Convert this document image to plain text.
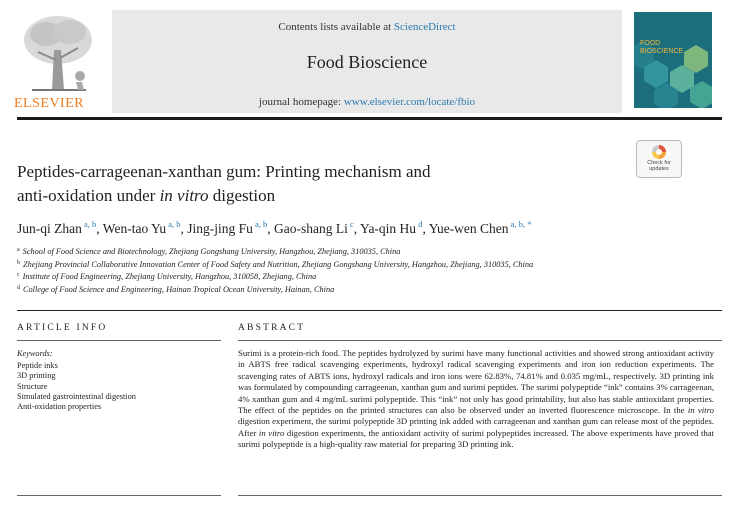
ELSEVIER
Contents lists available at ScienceDirect
Food Bioscience
journal homepage: www.elsevier.com/locate/fbio
FOOD
BIOSCIENCE
Peptides-carrageenan-xanthan gum: Printing mechanism and
anti-oxidation under in vitro digestion
Check for
updates
Jun-qi Zhan $^{a, b}$, Wen-tao Yu $^{a, b}$, Jing-jing Fu $^{a, b}$, Gao-shang Li $^c$, Ya-qin Hu $^d$, Yue-wen Chen $^{a, b, *}$
$^a$ School of Food Science and Biotechnology, Zhejiang Gongshang University, Hangzhou, Zhejiang, 310035, China
$^b$ Zhejiang Provincial Collaborative Innovation Center of Food Safety and Nutrition, Zhejiang Gongshang University, Hangzhou, Zhejiang, 310035, China
$^c$ Institute of Food Engineering, Zhejiang University, Hangzhou, 310058, Zhejiang, China
$^d$ College of Food Science and Engineering, Hainan Tropical Ocean University, Hainan, China
ARTICLE INFO
Keywords:
Peptide inks
3D printing
Structure
Simulated gastrointestinal digestion
Anti-oxidation properties
ABSTRACT
Surimi is a protein-rich food. The peptides hydrolyzed by surimi have many functional activities and showed strong antioxidant activity in ABTS free radical scavenging experiments, hydroxyl radical scavenging experiments and iron ion reduction experiments. The scavenging rates of ABTS ions, hydroxyl radicals and iron ions were 62.83%, 74.81% and 0.035 mg/mL, respectively. 3D printing ink was formulated by compounding carrageenan, xanthan gum and surimi peptides. The surimi polypeptide “ink” contains 3% carrageenan, 4% xanthan gum and 4 mg/mL surimi polypeptide. This “ink” not only has good printability, but also has stable antioxidant properties. The effect of the peptides on the printed structures can also be observed under an inverted fluorescence microscope. In the in vitro digestion experiment, the surimi polypeptide 3D printing ink added with carrageenan and xanthan gum can release most of the peptides. After in vitro digestion experiments, the antioxidant activity of surimi polypeptides increased. The above experiments have proved that surimi polypeptide is a high-quality raw material for preparing 3D printing ink.
